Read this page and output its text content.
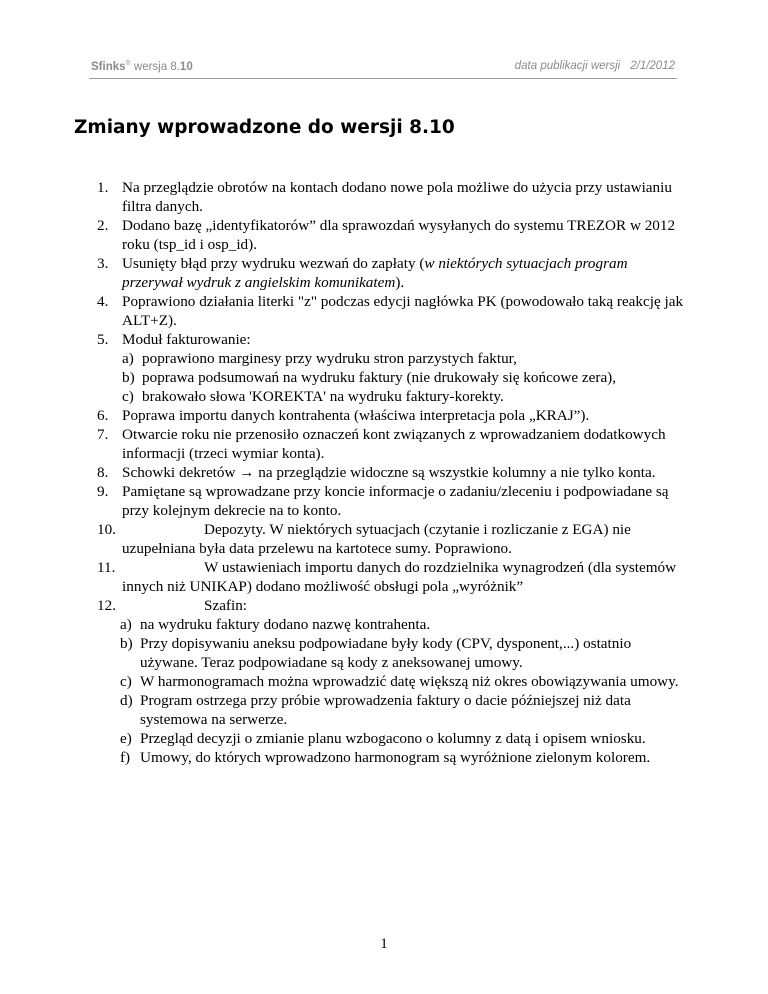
Sfinks® wersja 8.10	data publikacji wersji 2/1/2012
Zmiany wprowadzone do wersji 8.10
1. Na przeglądzie obrotów na kontach dodano nowe pola możliwe do użycia przy ustawianiu filtra danych.
2. Dodano bazę „identyfikatorów” dla sprawozdań wysyłanych do systemu TREZOR w 2012 roku (tsp_id i osp_id).
3. Usunięty błąd przy wydruku wezwań do zapłaty (w niektórych sytuacjach program przerywał wydruk z angielskim komunikatem).
4. Poprawiono działania literki "z" podczas edycji nagłówka PK (powodowało taką reakcję jak ALT+Z).
5. Moduł fakturowanie:
a) poprawiono marginesy przy wydruku stron parzystych faktur,
b) poprawa podsumowań na wydruku faktury (nie drukowały się końcowe zera),
c) brakowało słowa 'KOREKTA' na wydruku faktury-korekty.
6. Poprawa importu danych kontrahenta (właściwa interpretacja pola „KRAJ”).
7. Otwarcie roku nie przenosiło oznaczeń kont związanych z wprowadzaniem dodatkowych informacji (trzeci wymiar konta).
8. Schowki dekretów → na przeglądzie widoczne są wszystkie kolumny a nie tylko konta.
9. Pamiętane są wprowadzane przy koncie informacje o zadaniu/zleceniu i podpowiadane są przy kolejnym dekrecie na to konto.
10.	Depozyty. W niektórych sytuacjach (czytanie i rozliczanie z EGA) nie
uzupełniana była data przelewu na kartotece sumy. Poprawiono.
11.	W ustawieniach importu danych do rozdzielnika wynagrodzeń (dla systemów
innych niż UNIKAP) dodano możliwość obsługi pola „wyróżnik”
12.	Szafin:
a) na wydruku faktury dodano nazwę kontrahenta.
b) Przy dopisywaniu aneksu podpowiadane były kody (CPV, dysponent,...) ostatnio używane. Teraz podpowiadane są kody z aneksowanej umowy.
c) W harmonogramach można wprowadzić datę większą niż okres obowiązywania umowy.
d) Program ostrzega przy próbie wprowadzenia faktury o dacie późniejszej niż data systemowa na serwerze.
e) Przegląd decyzji o zmianie planu wzbogacono o kolumny z datą i opisem wniosku.
f) Umowy, do których wprowadzono harmonogram są wyróżnione zielonym kolorem.
1
